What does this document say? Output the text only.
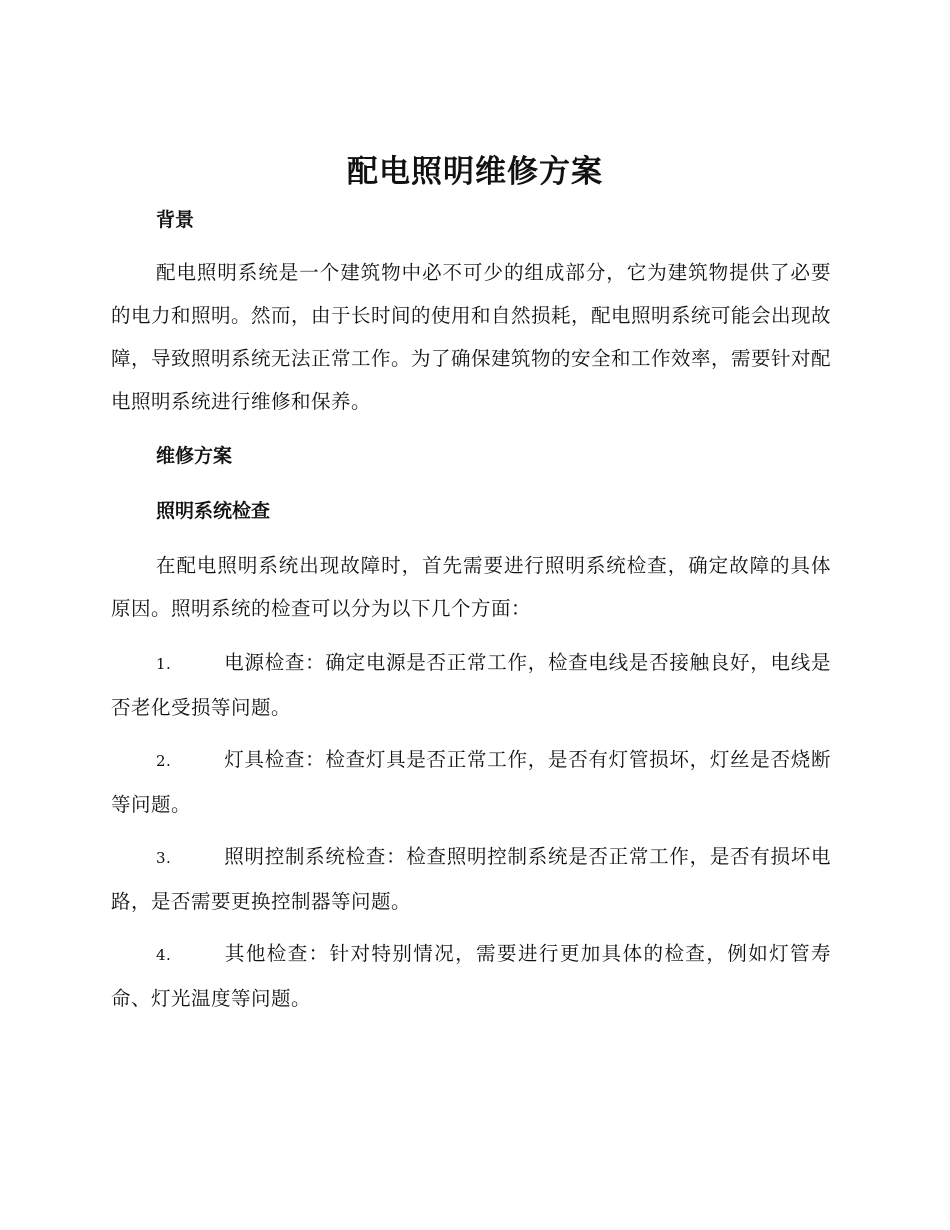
配电照明维修方案
背景

配电照明系统是一个建筑物中必不可少的组成部分，它为建筑物提供了必要的电力和照明。然而，由于长时间的使用和自然损耗，配电照明系统可能会出现故障，导致照明系统无法正常工作。为了确保建筑物的安全和工作效率，需要针对配电照明系统进行维修和保养。

维修方案
照明系统检查

在配电照明系统出现故障时，首先需要进行照明系统检查，确定故障的具体原因。照明系统的检查可以分为以下几个方面：

1.	电源检查：确定电源是否正常工作，检查电线是否接触良好，电线是否老化受损等问题。

2.	灯具检查：检查灯具是否正常工作，是否有灯管损坏，灯丝是否烧断等问题。

3.	照明控制系统检查：检查照明控制系统是否正常工作，是否有损坏电路，是否需要更换控制器等问题。

4.	其他检查：针对特别情况，需要进行更加具体的检查，例如灯管寿命、灯光温度等问题。
